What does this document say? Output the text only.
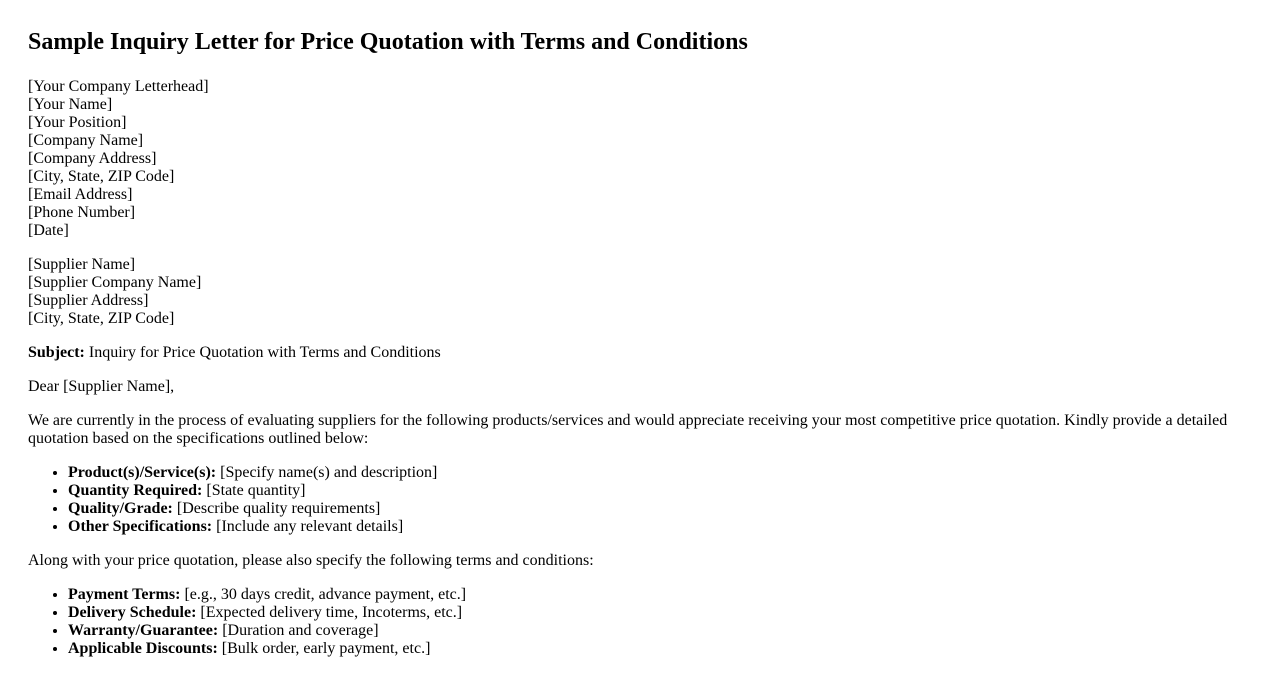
Sample Inquiry Letter for Price Quotation with Terms and Conditions
[Your Company Letterhead]
[Your Name]
[Your Position]
[Company Name]
[Company Address]
[City, State, ZIP Code]
[Email Address]
[Phone Number]
[Date]
[Supplier Name]
[Supplier Company Name]
[Supplier Address]
[City, State, ZIP Code]

Subject: Inquiry for Price Quotation with Terms and Conditions

Dear [Supplier Name],

We are currently in the process of evaluating suppliers for the following products/services and would appreciate receiving your most competitive price quotation. Kindly provide a detailed quotation based on the specifications outlined below:

• Product(s)/Service(s): [Specify name(s) and description]
• Quantity Required: [State quantity]
• Quality/Grade: [Describe quality requirements]
• Other Specifications: [Include any relevant details]

Along with your price quotation, please also specify the following terms and conditions:

• Payment Terms: [e.g., 30 days credit, advance payment, etc.]
• Delivery Schedule: [Expected delivery time, Incoterms, etc.]
• Warranty/Guarantee: [Duration and coverage]
• Applicable Discounts: [Bulk order, early payment, etc.]
